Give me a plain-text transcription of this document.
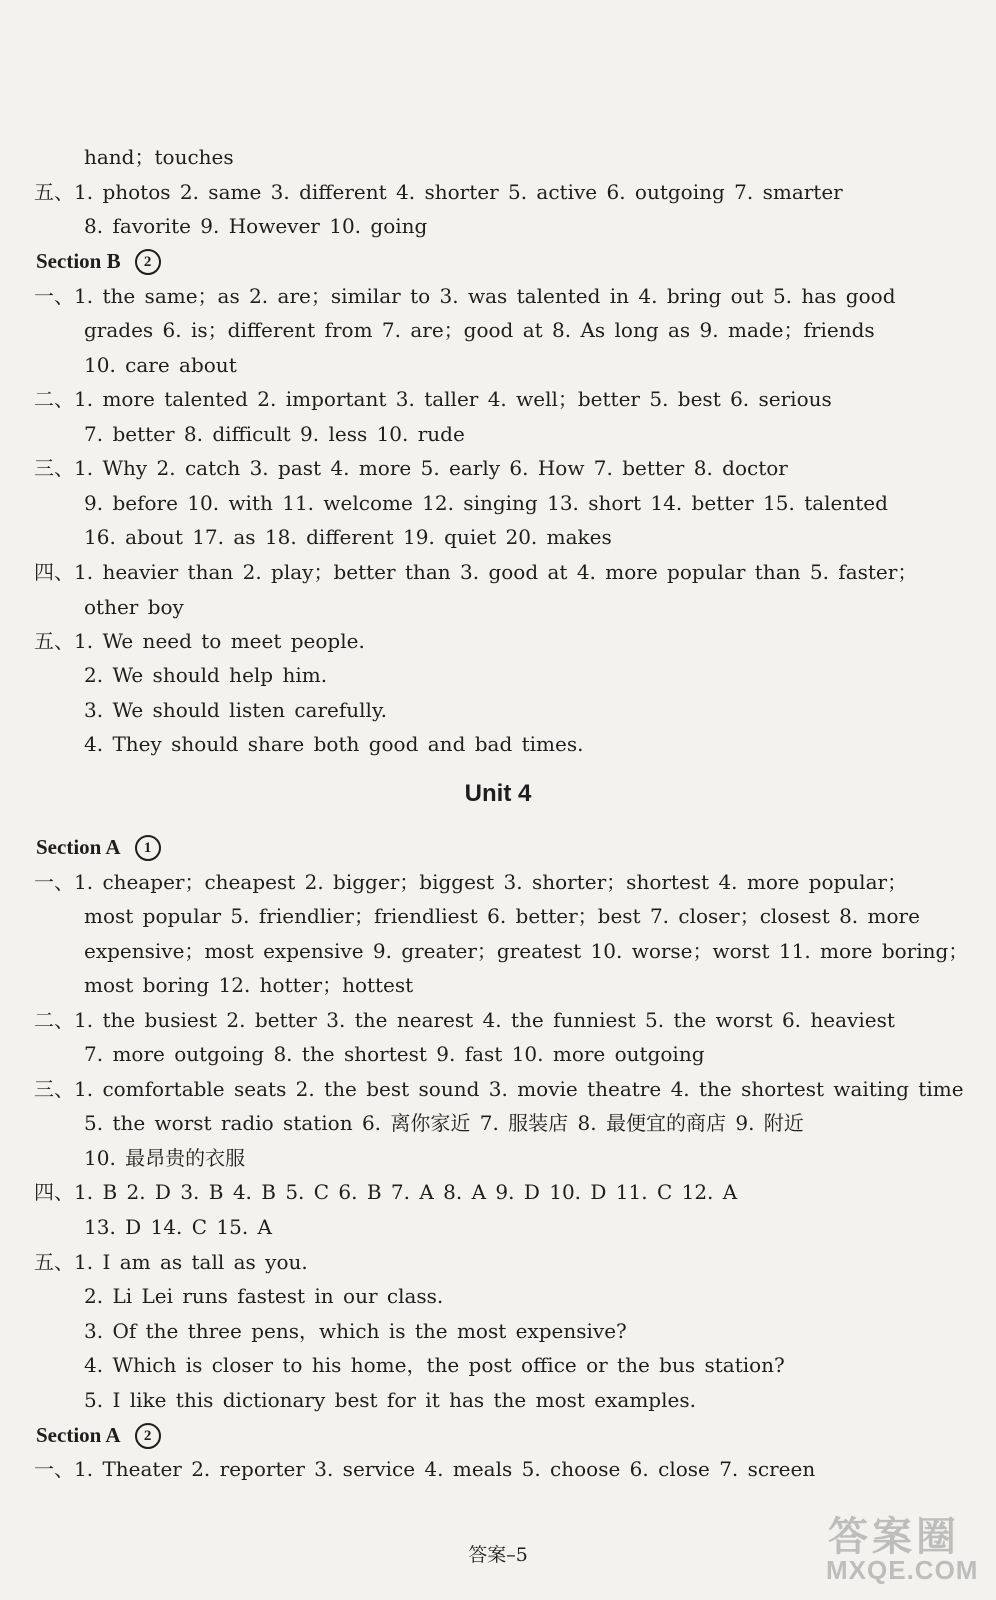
hand；touches
五、1. photos 2. same 3. different 4. shorter 5. active 6. outgoing 7. smarter
8. favorite 9. However 10. going
Section B 2
一、1. the same；as 2. are；similar to 3. was talented in 4. bring out 5. has good
grades 6. is；different from 7. are；good at 8. As long as 9. made；friends
10. care about
二、1. more talented 2. important 3. taller 4. well；better 5. best 6. serious
7. better 8. difficult 9. less 10. rude
三、1. Why 2. catch 3. past 4. more 5. early 6. How 7. better 8. doctor
9. before 10. with 11. welcome 12. singing 13. short 14. better 15. talented
16. about 17. as 18. different 19. quiet 20. makes
四、1. heavier than 2. play；better than 3. good at 4. more popular than 5. faster；
other boy
五、1. We need to meet people.
2. We should help him.
3. We should listen carefully.
4. They should share both good and bad times.
Unit 4
Section A 1
一、1. cheaper；cheapest 2. bigger；biggest 3. shorter；shortest 4. more popular；
most popular 5. friendlier；friendliest 6. better；best 7. closer；closest 8. more
expensive；most expensive 9. greater；greatest 10. worse；worst 11. more boring；
most boring 12. hotter；hottest
二、1. the busiest 2. better 3. the nearest 4. the funniest 5. the worst 6. heaviest
7. more outgoing 8. the shortest 9. fast 10. more outgoing
三、1. comfortable seats 2. the best sound 3. movie theatre 4. the shortest waiting time
5. the worst radio station 6. 离你家近 7. 服装店 8. 最便宜的商店 9. 附近
10. 最昂贵的衣服
四、1. B 2. D 3. B 4. B 5. C 6. B 7. A 8. A 9. D 10. D 11. C 12. A
13. D 14. C 15. A
五、1. I am as tall as you.
2. Li Lei runs fastest in our class.
3. Of the three pens，which is the most expensive?
4. Which is closer to his home，the post office or the bus station?
5. I like this dictionary best for it has the most examples.
Section A 2
一、1. Theater 2. reporter 3. service 4. meals 5. choose 6. close 7. screen
答案–5	答案圈
MXQE.COM
